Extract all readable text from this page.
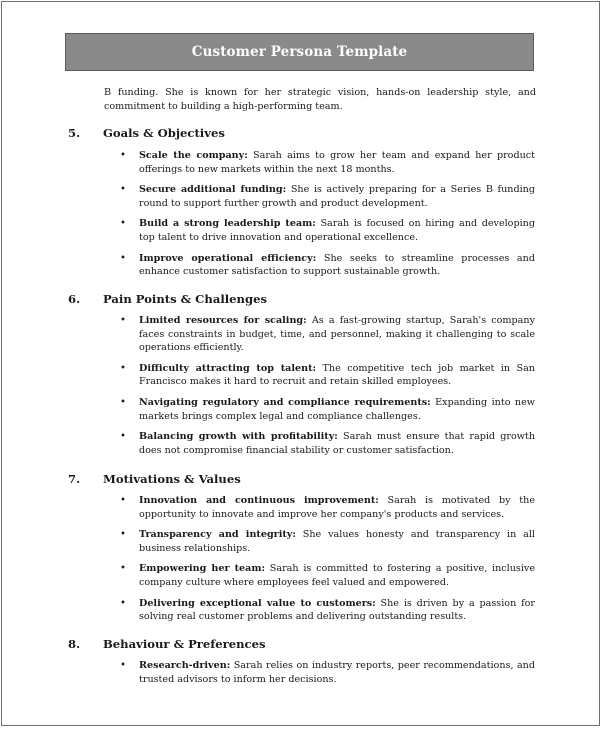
Customer Persona Template
B funding. She is known for her strategic vision, hands-on leadership style, and commitment to building a high-performing team.
5. Goals & Objectives
• Scale the company: Sarah aims to grow her team and expand her product offerings to new markets within the next 18 months.
• Secure additional funding: She is actively preparing for a Series B funding round to support further growth and product development.
• Build a strong leadership team: Sarah is focused on hiring and developing top talent to drive innovation and operational excellence.
• Improve operational efficiency: She seeks to streamline processes and enhance customer satisfaction to support sustainable growth.
6. Pain Points & Challenges
• Limited resources for scaling: As a fast-growing startup, Sarah's company faces constraints in budget, time, and personnel, making it challenging to scale operations efficiently.
• Difficulty attracting top talent: The competitive tech job market in San Francisco makes it hard to recruit and retain skilled employees.
• Navigating regulatory and compliance requirements: Expanding into new markets brings complex legal and compliance challenges.
• Balancing growth with profitability: Sarah must ensure that rapid growth does not compromise financial stability or customer satisfaction.
7. Motivations & Values
• Innovation and continuous improvement: Sarah is motivated by the opportunity to innovate and improve her company's products and services.
• Transparency and integrity: She values honesty and transparency in all business relationships.
• Empowering her team: Sarah is committed to fostering a positive, inclusive company culture where employees feel valued and empowered.
• Delivering exceptional value to customers: She is driven by a passion for solving real customer problems and delivering outstanding results.
8. Behaviour & Preferences
• Research-driven: Sarah relies on industry reports, peer recommendations, and trusted advisors to inform her decisions.
